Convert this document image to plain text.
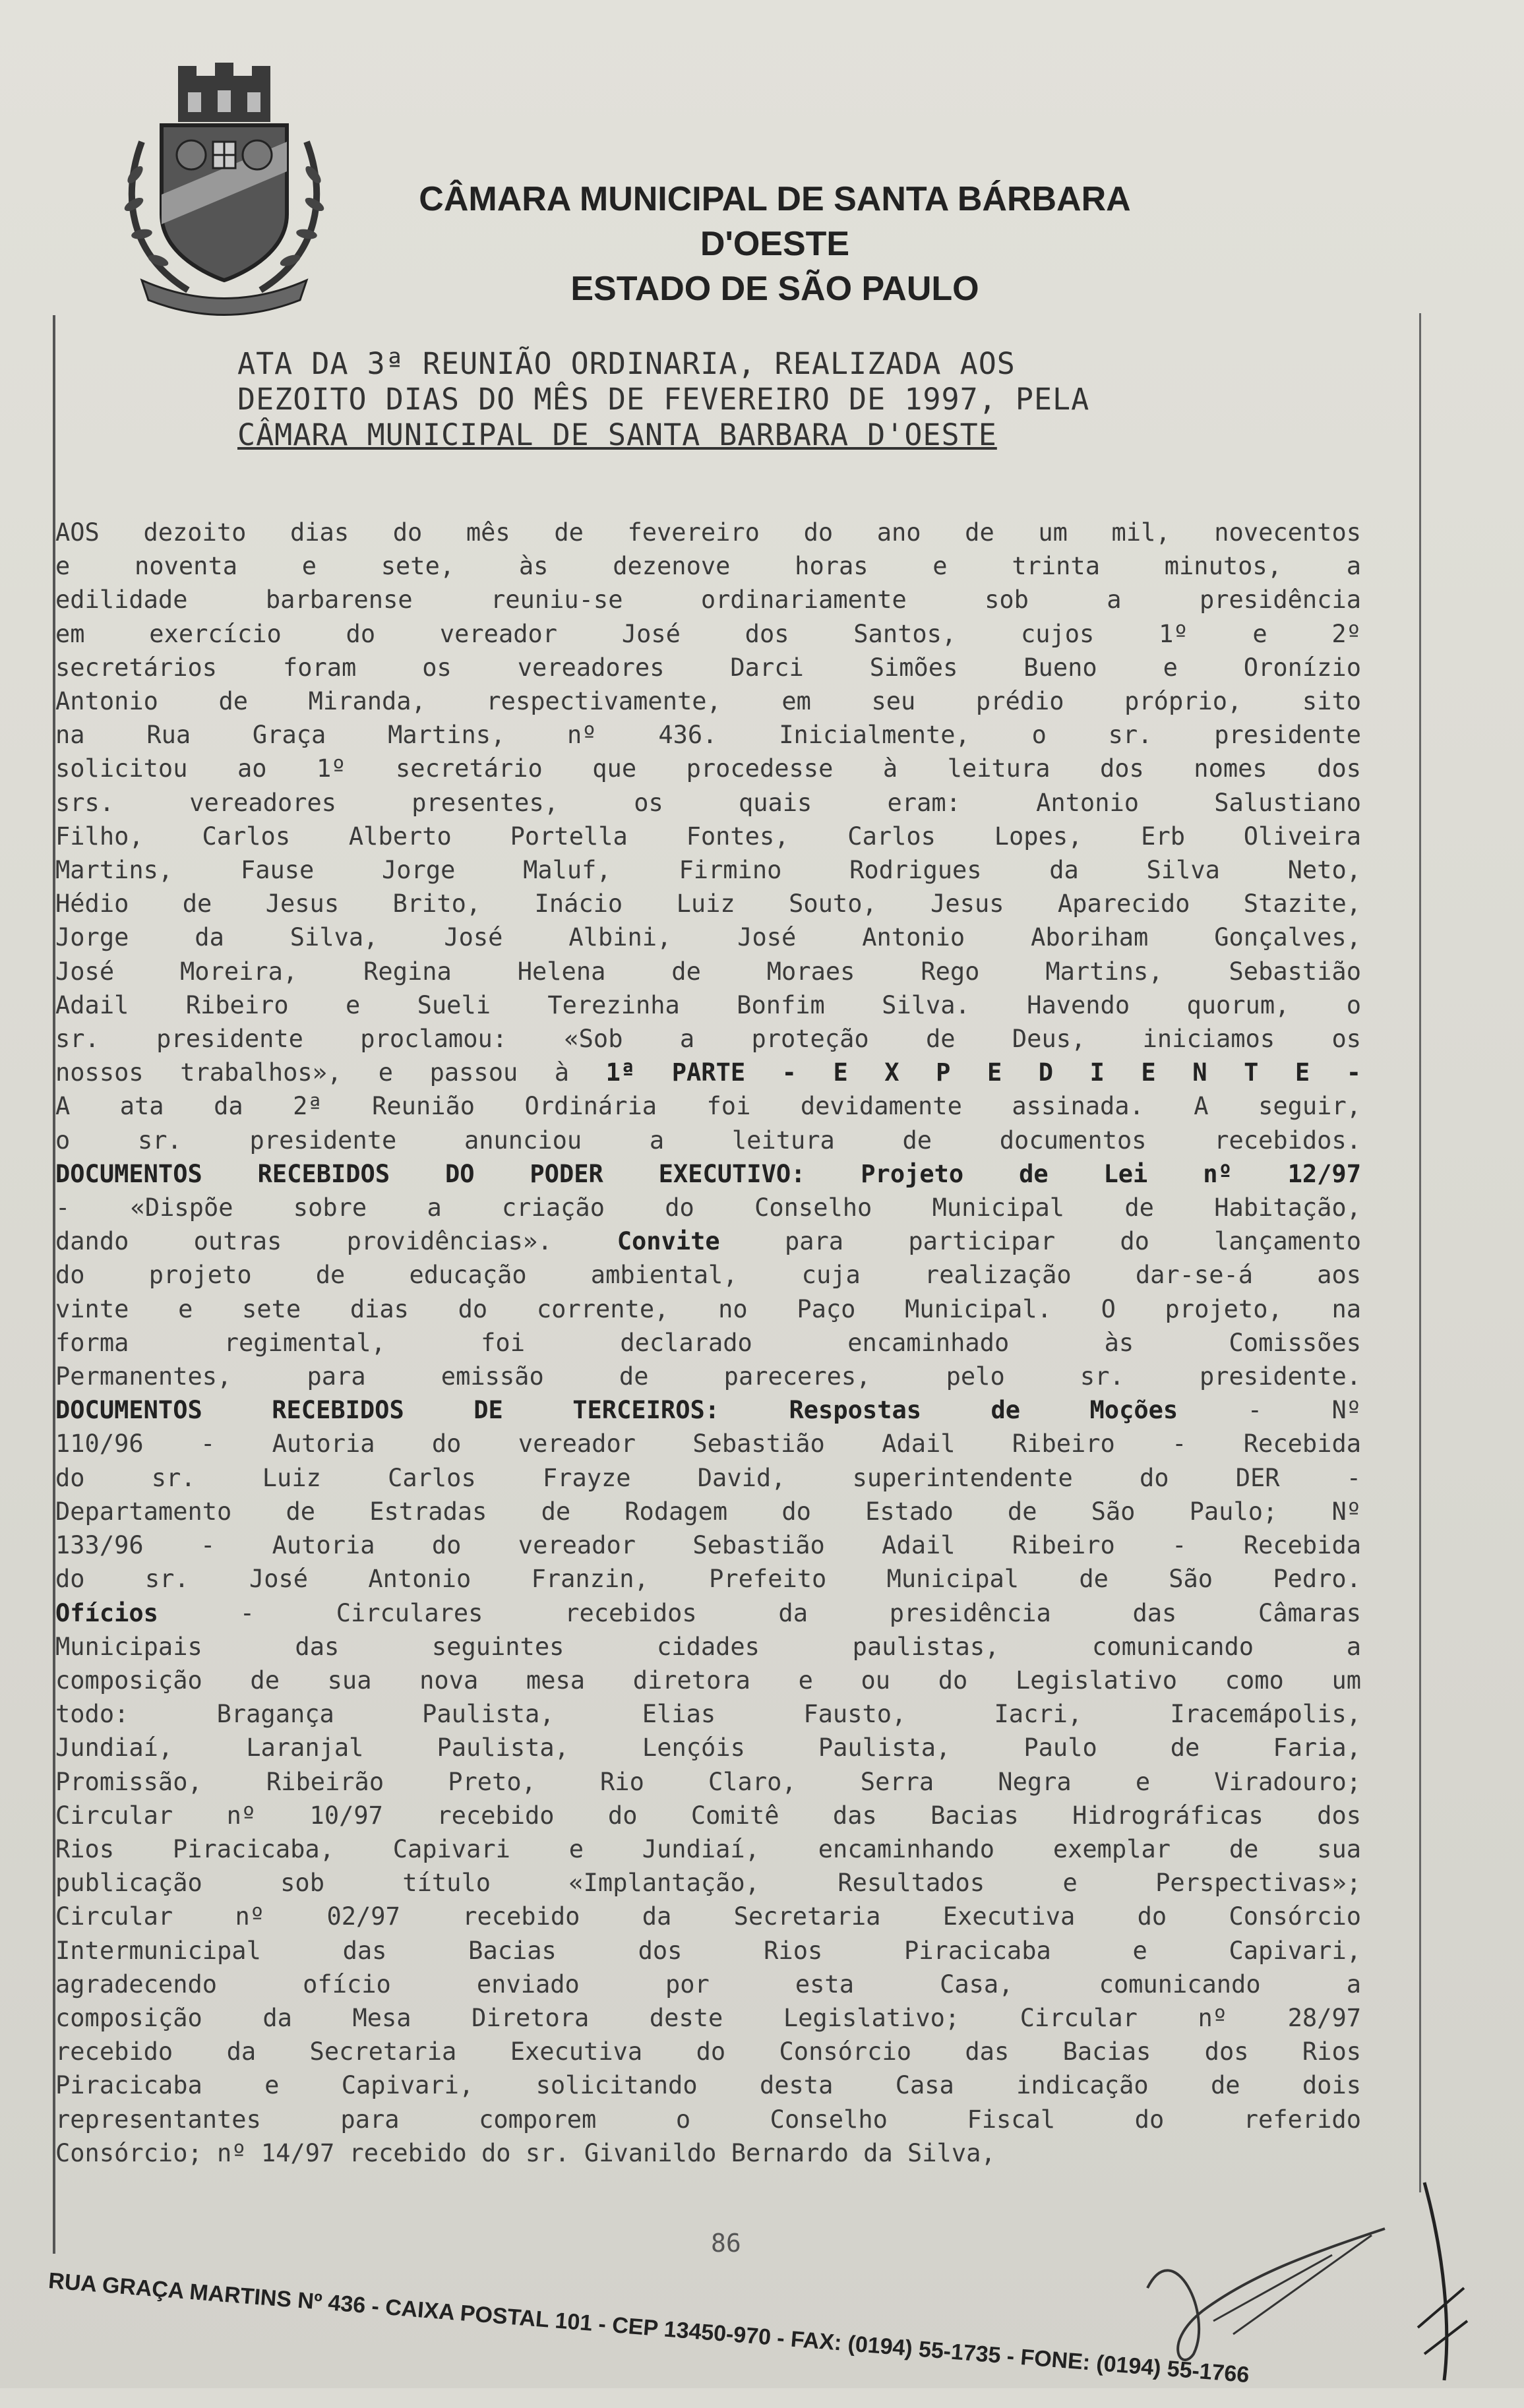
CÂMARA MUNICIPAL DE SANTA BÁRBARA D'OESTE
ESTADO DE SÃO PAULO
ATA DA 3ª REUNIÃO ORDINARIA, REALIZADA AOS
DEZOITO DIAS DO MÊS DE FEVEREIRO DE 1997, PELA
CÂMARA MUNICIPAL DE SANTA BARBARA D'OESTE

AOS dezoito dias do mês de fevereiro do ano de um mil, novecentos

e noventa e sete, às dezenove horas e trinta minutos, a

edilidade barbarense reuniu-se ordinariamente sob a presidência

em exercício do vereador José dos Santos, cujos 1º e 2º

secretários foram os vereadores Darci Simões Bueno e Oronízio

Antonio de Miranda, respectivamente, em seu prédio próprio, sito

na Rua Graça Martins, nº 436. Inicialmente, o sr. presidente

solicitou ao 1º secretário que procedesse à leitura dos nomes dos

srs. vereadores presentes, os quais eram: Antonio Salustiano

Filho, Carlos Alberto Portella Fontes, Carlos Lopes, Erb Oliveira

Martins, Fause Jorge Maluf, Firmino Rodrigues da Silva Neto,

Hédio de Jesus Brito, Inácio Luiz Souto, Jesus Aparecido Stazite,

Jorge da Silva, José Albini, José Antonio Aboriham Gonçalves,

José Moreira, Regina Helena de Moraes Rego Martins, Sebastião

Adail Ribeiro e Sueli Terezinha Bonfim Silva. Havendo quorum, o

sr. presidente proclamou: «Sob a proteção de Deus, iniciamos os

nossos trabalhos», e passou à 1ª PARTE - E X P E D I E N T E -

A ata da 2ª Reunião Ordinária foi devidamente assinada. A seguir,

o sr. presidente anunciou a leitura de documentos recebidos.

DOCUMENTOS RECEBIDOS DO PODER EXECUTIVO: Projeto de Lei nº 12/97

- «Dispõe sobre a criação do Conselho Municipal de Habitação,

dando outras providências».	Convite	para participar do lançamento

do projeto de educação ambiental, cuja realização dar-se-á aos

vinte e sete dias do corrente, no Paço Municipal. O projeto, na

forma regimental, foi declarado encaminhado às Comissões

Permanentes, para emissão de pareceres, pelo sr. presidente.

DOCUMENTOS RECEBIDOS DE TERCEIROS: Respostas de Moções	- Nº

110/96 - Autoria do vereador Sebastião Adail Ribeiro - Recebida

do sr. Luiz Carlos Frayze David, superintendente do DER -

Departamento de Estradas de Rodagem do Estado de São Paulo; Nº

133/96 - Autoria do vereador Sebastião Adail Ribeiro - Recebida

do sr. José Antonio Franzin, Prefeito Municipal de São Pedro.

Ofícios	- Circulares recebidos da presidência das Câmaras

Municipais das seguintes cidades paulistas, comunicando a

composição de sua nova mesa diretora e ou do Legislativo como um

todo: Bragança Paulista, Elias Fausto, Iacri, Iracemápolis,

Jundiaí, Laranjal Paulista, Lençóis Paulista, Paulo de Faria,

Promissão, Ribeirão Preto, Rio Claro, Serra Negra e Viradouro;

Circular nº 10/97 recebido do Comitê das Bacias Hidrográficas dos

Rios Piracicaba, Capivari e Jundiaí, encaminhando exemplar de sua

publicação sob título «Implantação, Resultados e Perspectivas»;

Circular nº 02/97 recebido da Secretaria Executiva do Consórcio

Intermunicipal das Bacias dos Rios Piracicaba e Capivari,

agradecendo ofício enviado por esta Casa, comunicando a

composição da Mesa Diretora deste Legislativo; Circular nº 28/97

recebido da Secretaria Executiva do Consórcio das Bacias dos Rios

Piracicaba e Capivari, solicitando desta Casa indicação de dois

representantes para comporem o Conselho Fiscal do referido

Consórcio; nº 14/97 recebido do sr. Givanildo Bernardo da Silva,

86
RUA GRAÇA MARTINS Nº 436 - CAIXA POSTAL 101 - CEP 13450-970 - FAX: (0194) 55-1735 - FONE: (0194) 55-1766
